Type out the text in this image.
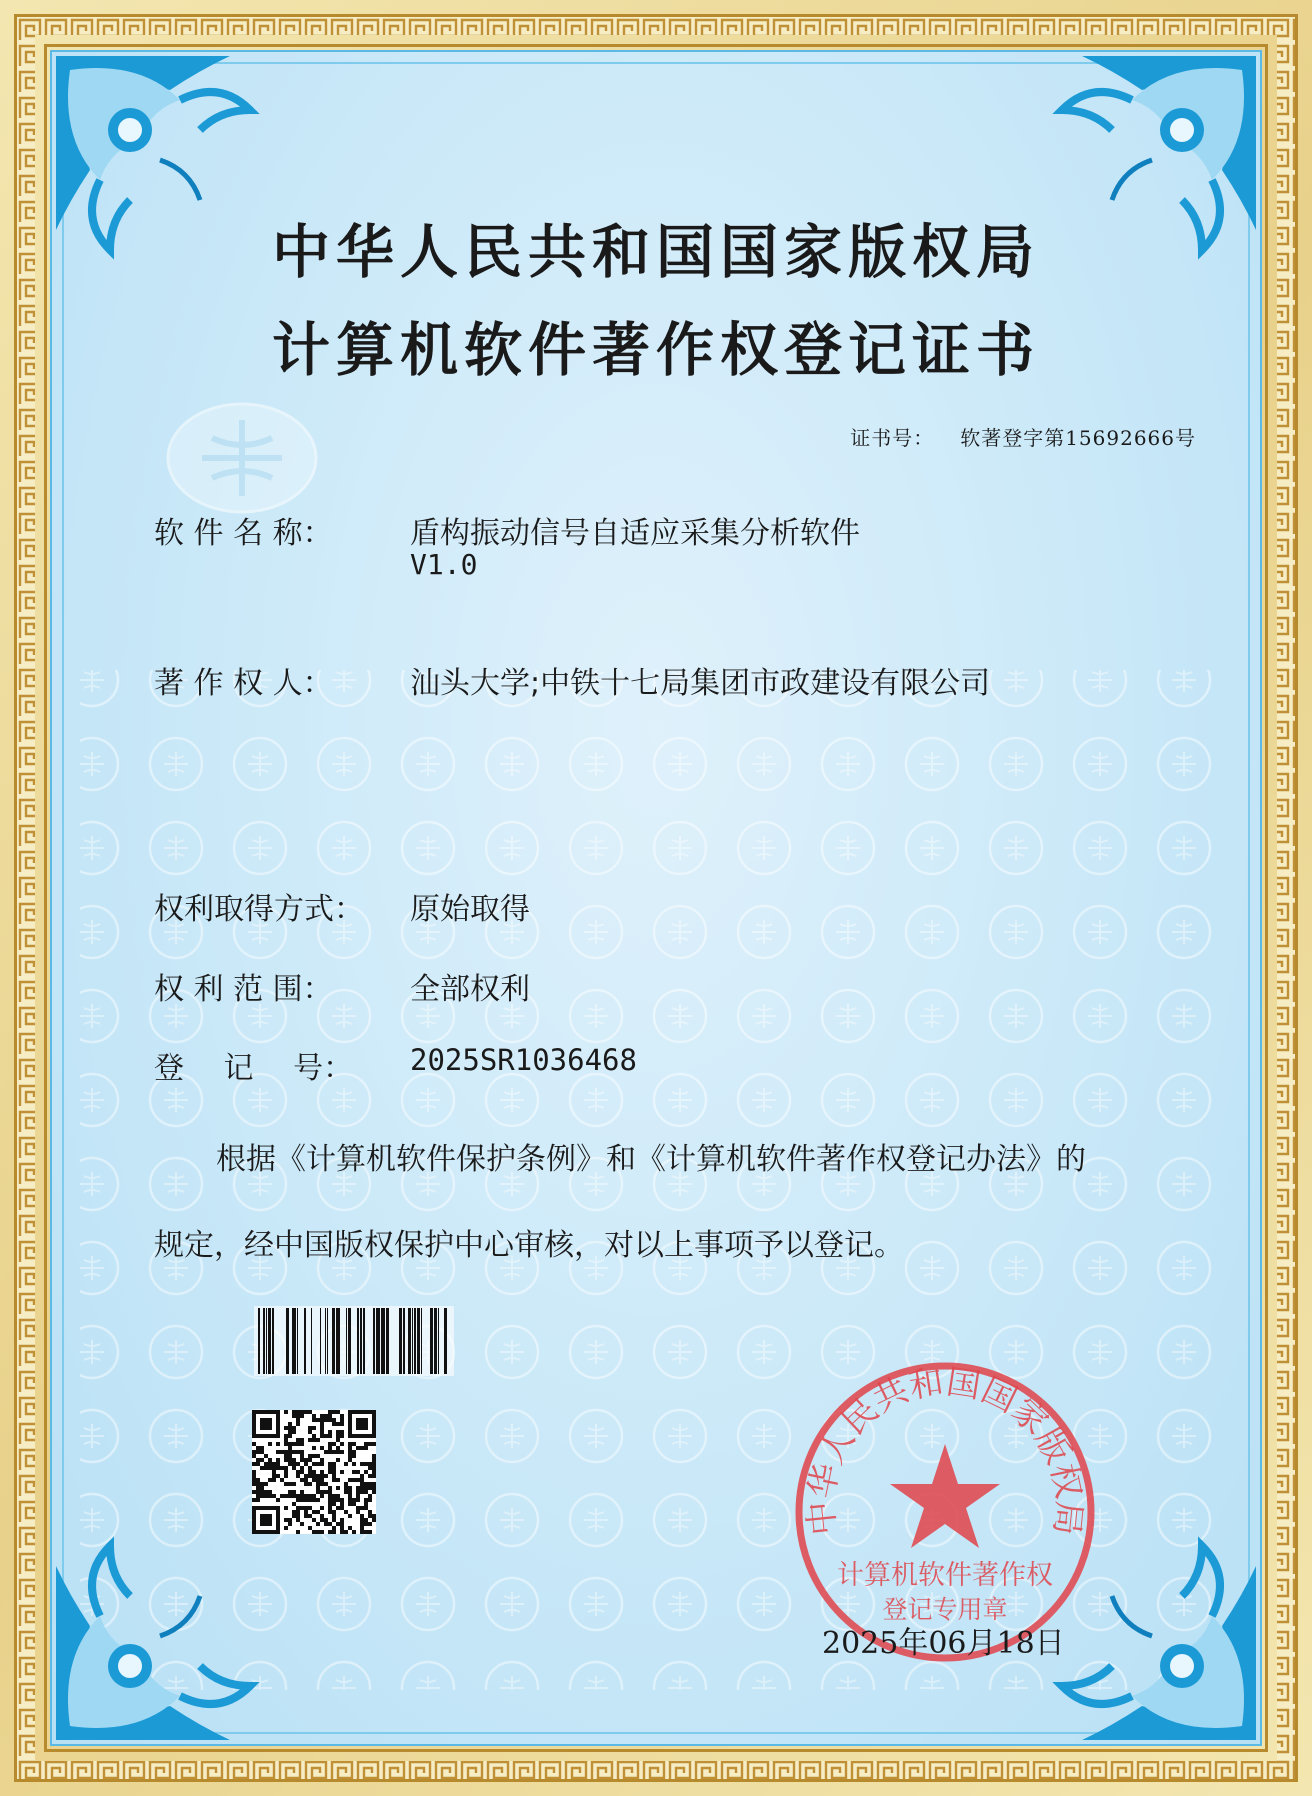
中华人民共和国国家版权局
计算机软件著作权登记证书
证书号： 软著登字第15692666号
软 件 名 称：	盾构振动信号自适应采集分析软件
V1.0
著 作 权 人：	汕头大学;中铁十七局集团市政建设有限公司
权利取得方式：	原始取得
权 利 范 围：	全部权利
登　 记　 号：	2025SR1036468
根据《计算机软件保护条例》和《计算机软件著作权登记办法》的
规定，经中国版权保护中心审核，对以上事项予以登记。
中华人民共和国国家版权局
计算机软件著作权
登记专用章
2025年06月18日
